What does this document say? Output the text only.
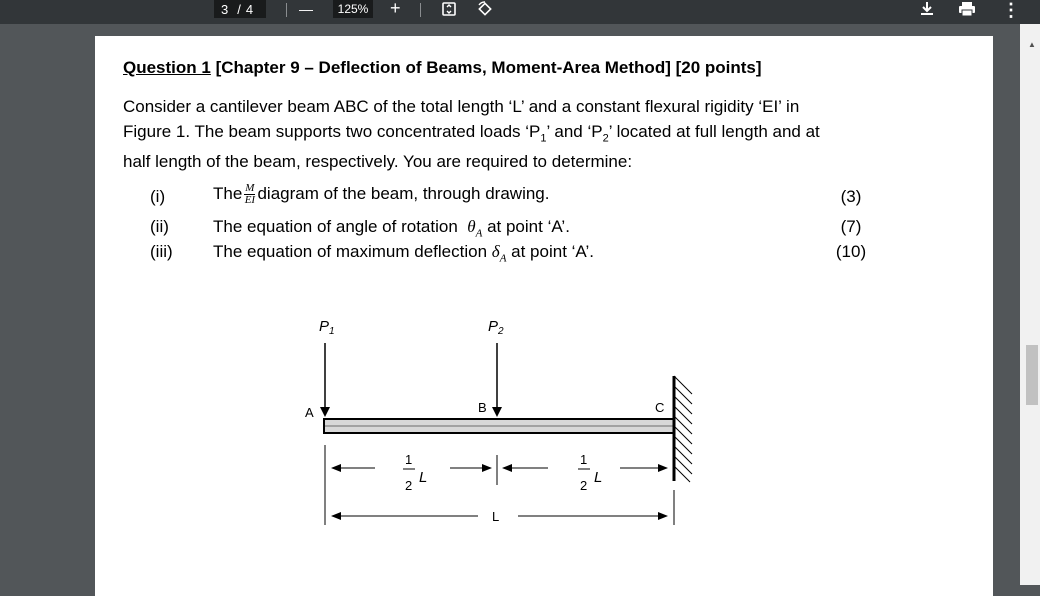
3 / 4	—	125% +	⋮
▲
Question 1 [Chapter 9 – Deflection of Beams, Moment-Area Method] [20 points]
Consider a cantilever beam ABC of the total length ‘L’ and a constant flexural rigidity ‘EI’ in
Figure 1. The beam supports two concentrated loads ‘$P_1$’ and ‘$P_2$’ located at full length and at
half length of the beam, respectively. You are required to determine:
(i)	The $\frac{M}{EI}$ diagram of the beam, through drawing.	(3)
(ii)	The equation of angle of rotation $\theta_A$ at point ‘A’.	(7)
(iii) The equation of maximum deflection $\delta_A$ at point ‘A’.	(10)
$P_1$	$P_2$
A	B	C
1
2 L
1
2 L
L
